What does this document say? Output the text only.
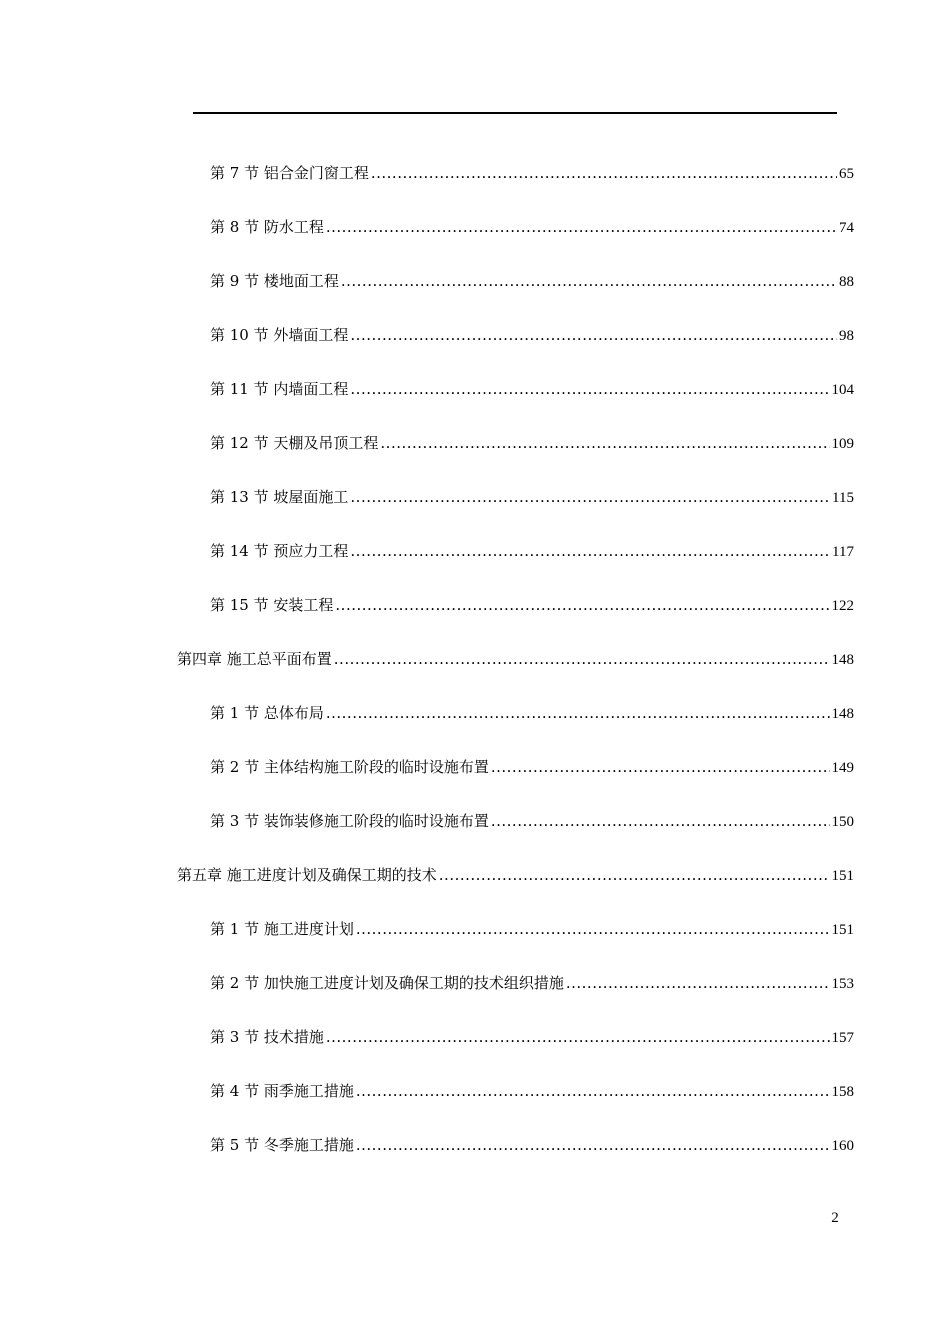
第 7 节 铝合金门窗工程 .....	65
第 8 节 防水工程 .....	74
第 9 节 楼地面工程 .....	88
第 10 节 外墙面工程 .....	98
第 11 节 内墙面工程 .....	104
第 12 节 天棚及吊顶工程 .....	109
第 13 节 坡屋面施工 .....	115
第 14 节 预应力工程 .....	117
第 15 节 安装工程 .....	122
第四章 施工总平面布置 .....	148
第 1 节 总体布局 .....	148
第 2 节 主体结构施工阶段的临时设施布置 .....	149
第 3 节 装饰装修施工阶段的临时设施布置 .....	150
第五章 施工进度计划及确保工期的技术 .....	151
第 1 节 施工进度计划 .....	151
第 2 节 加快施工进度计划及确保工期的技术组织措施 .....	153
第 3 节 技术措施 .....	157
第 4 节 雨季施工措施 .....	158
第 5 节 冬季施工措施 .....	160
2
